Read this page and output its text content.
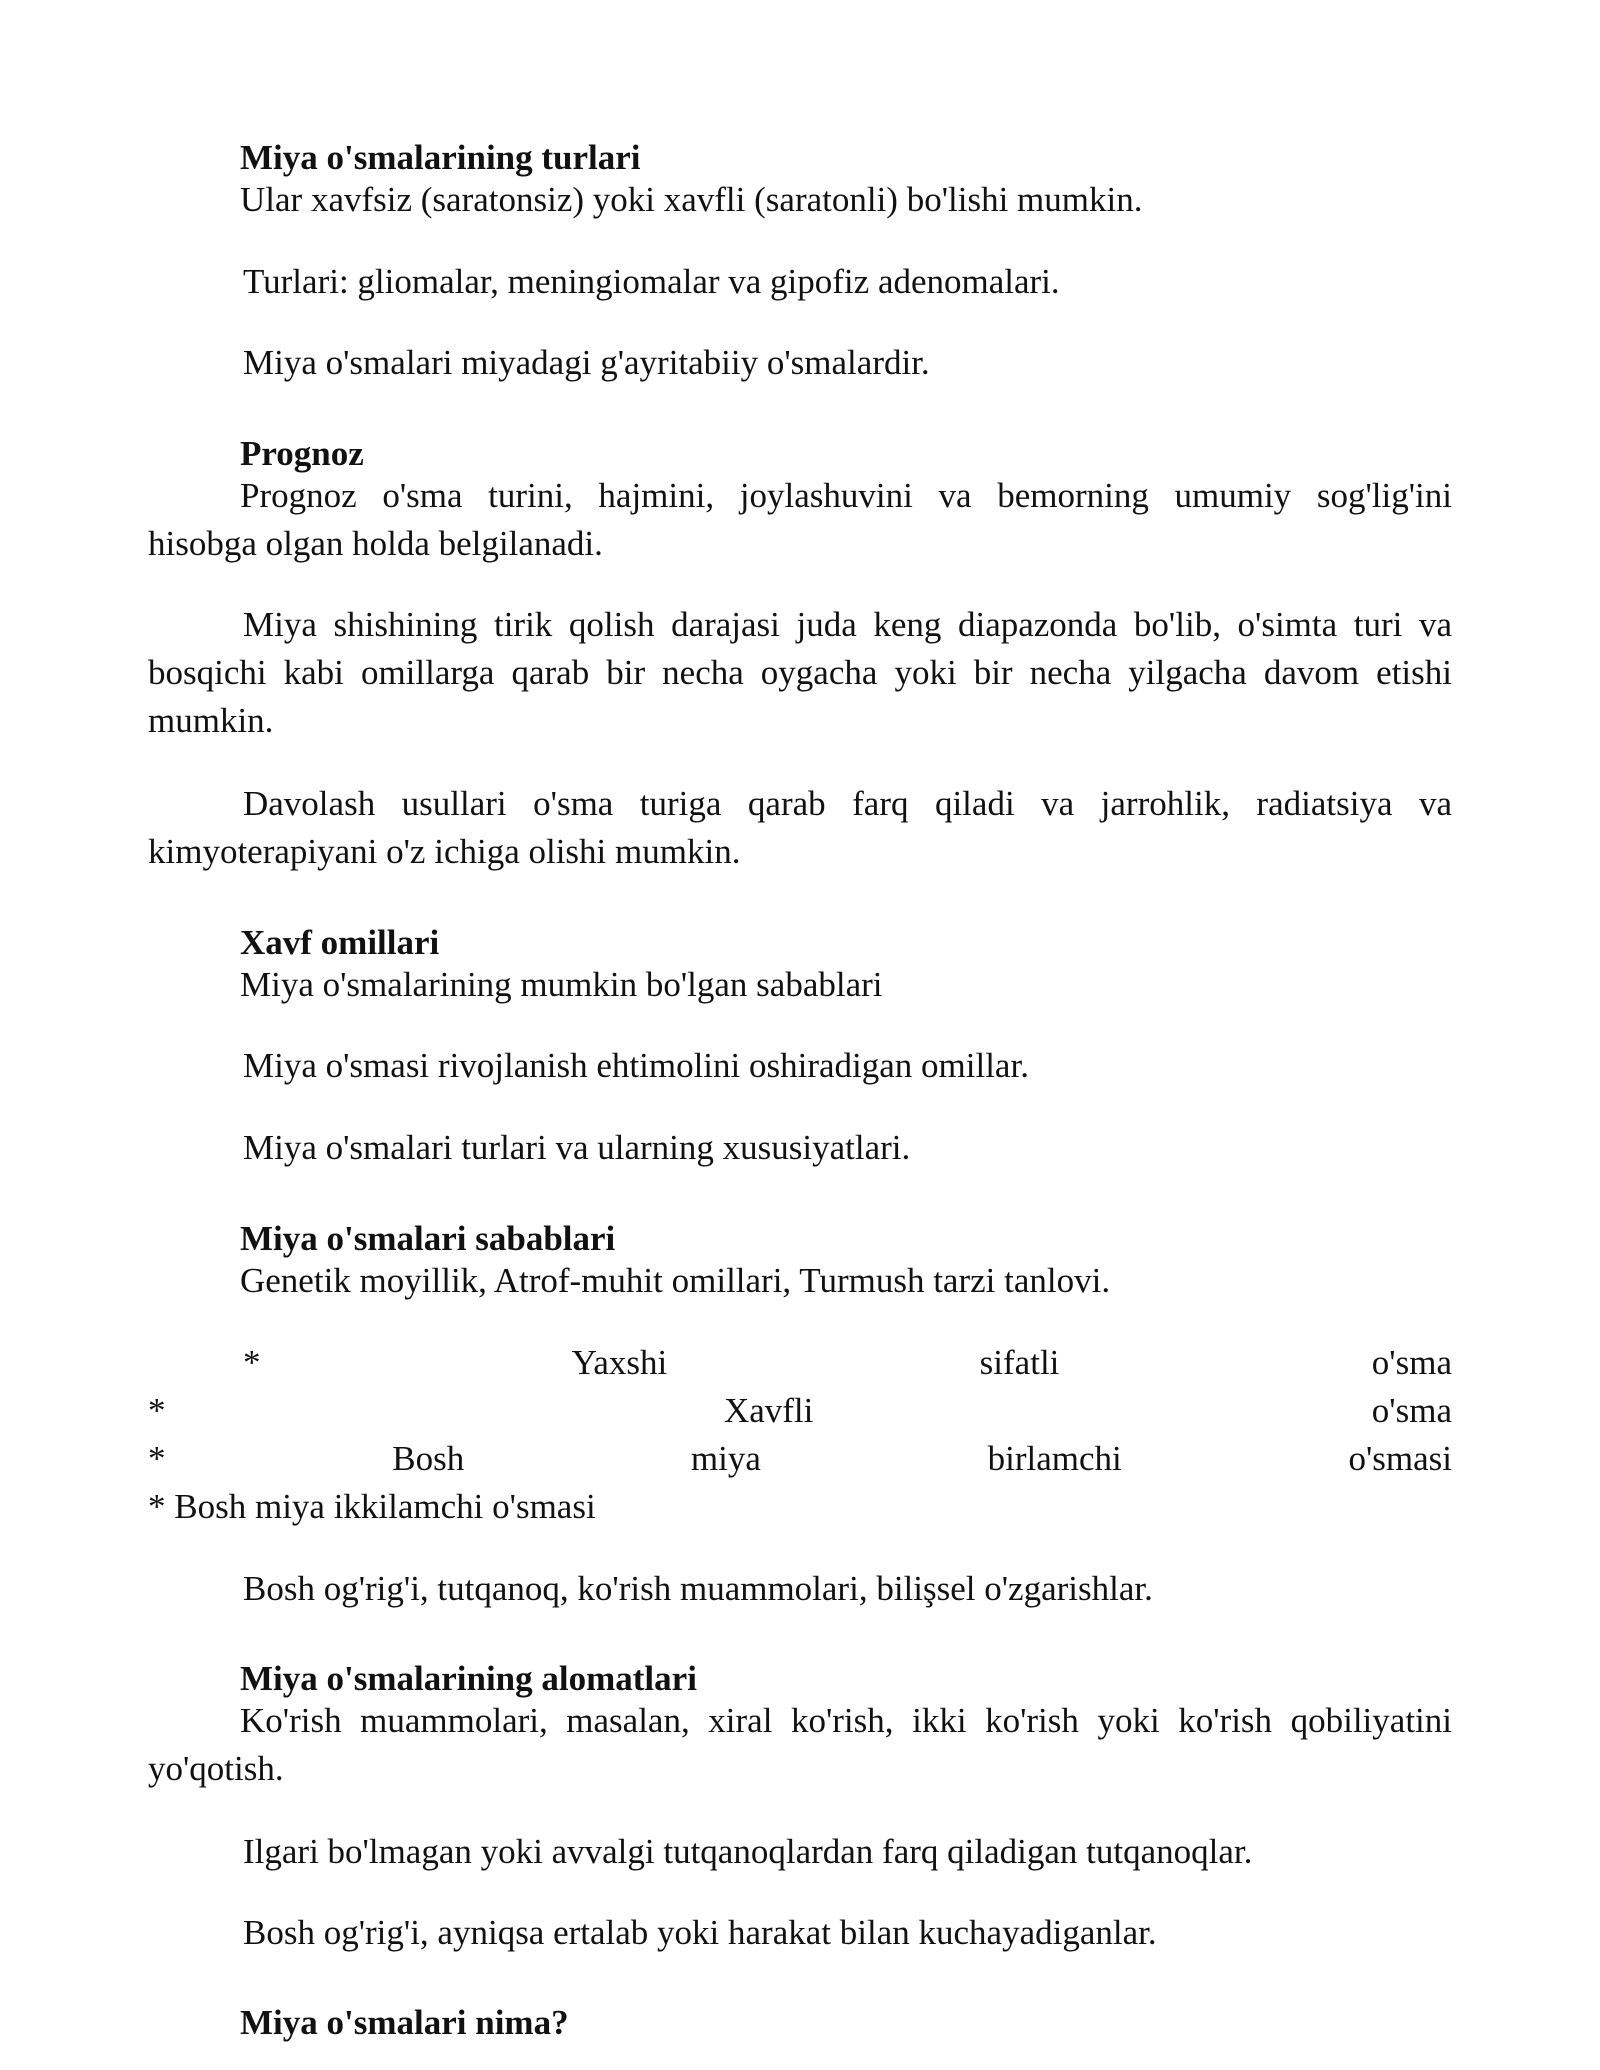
Miya o'smalarining turlari
Ular xavfsiz (saratonsiz) yoki xavfli (saratonli) bo'lishi mumkin.
Turlari: gliomalar, meningiomalar va gipofiz adenomalari.
Miya o'smalari miyadagi g'ayritabiiy o'smalardir.
Prognoz
Prognoz o'sma turini, hajmini, joylashuvini va bemorning umumiy sog'lig'ini
hisobga olgan holda belgilanadi.
Miya shishining tirik qolish darajasi juda keng diapazonda bo'lib, o'simta turi va
bosqichi kabi omillarga qarab bir necha oygacha yoki bir necha yilgacha davom etishi
mumkin.
Davolash usullari o'sma turiga qarab farq qiladi va jarrohlik, radiatsiya va
kimyoterapiyani o'z ichiga olishi mumkin.
Xavf omillari
Miya o'smalarining mumkin bo'lgan sabablari
Miya o'smasi rivojlanish ehtimolini oshiradigan omillar.
Miya o'smalari turlari va ularning xususiyatlari.
Miya o'smalari sabablari
Genetik moyillik, Atrof-muhit omillari, Turmush tarzi tanlovi.
* Yaxshi sifatli o'sma
* Xavfli o'sma
* Bosh miya birlamchi o'smasi
* Bosh miya ikkilamchi o'smasi
Bosh og'rig'i, tutqanoq, ko'rish muammolari, bilişsel o'zgarishlar.
Miya o'smalarining alomatlari
Ko'rish muammolari, masalan, xiral ko'rish, ikki ko'rish yoki ko'rish qobiliyatini
yo'qotish.
Ilgari bo'lmagan yoki avvalgi tutqanoqlardan farq qiladigan tutqanoqlar.
Bosh og'rig'i, ayniqsa ertalab yoki harakat bilan kuchayadiganlar.
Miya o'smalari nima?
